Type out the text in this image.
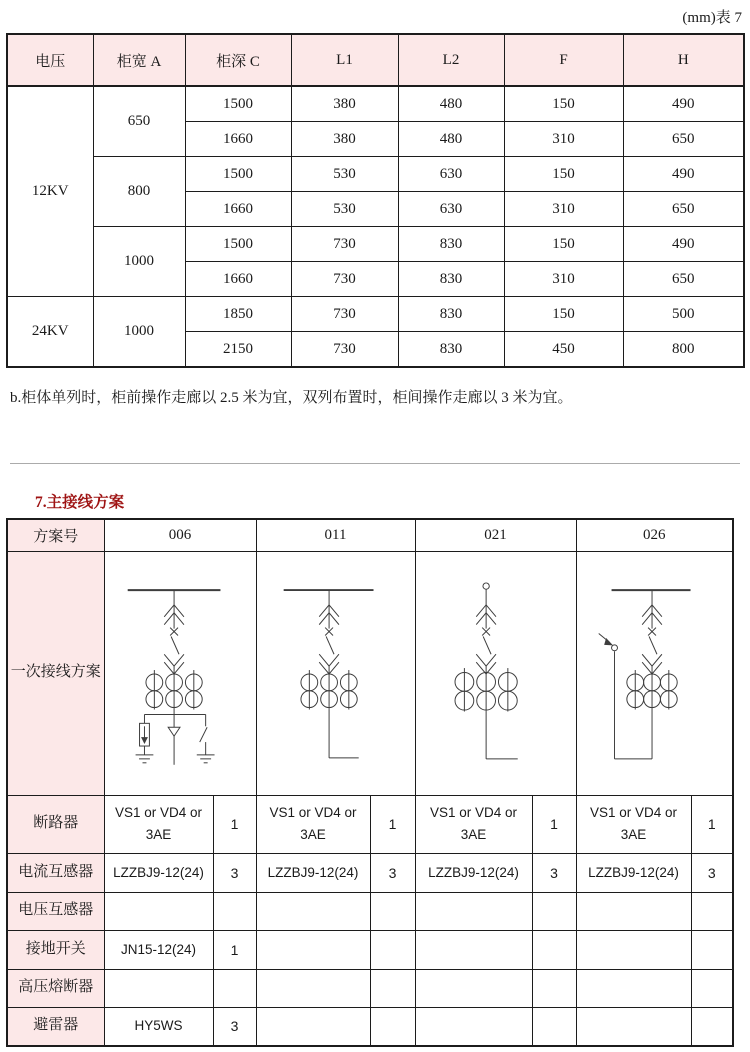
(mm)表 7
电压	柜宽 A	柜深 C	L1	L2	F	H
12KV	650	1500	380	480	150	490
		1660	380	480	310	650
	800	1500	530	630	150	490
		1660	530	630	310	650
	1000	1500	730	830	150	490
		1660	730	830	310	650
24KV	1000	1850	730	830	150	500
		2150	730	830	450	800
b.柜体单列时，柜前操作走廊以 2.5 米为宜，双列布置时，柜间操作走廊以 3 米为宜。
7.主接线方案
方案号	006		011		021		026	
一次接线方案	

断路器	VS1 or VD4 or 3AE	1	VS1 or VD4 or 3AE	1	VS1 or VD4 or 3AE	1	VS1 or VD4 or 3AE	1
电流互感器	LZZBJ9-12(24)	3	LZZBJ9-12(24)	3	LZZBJ9-12(24)	3	LZZBJ9-12(24)	3
电压互感器								
接地开关	JN15-12(24)	1						
高压熔断器								
避雷器	HY5WS	3						
